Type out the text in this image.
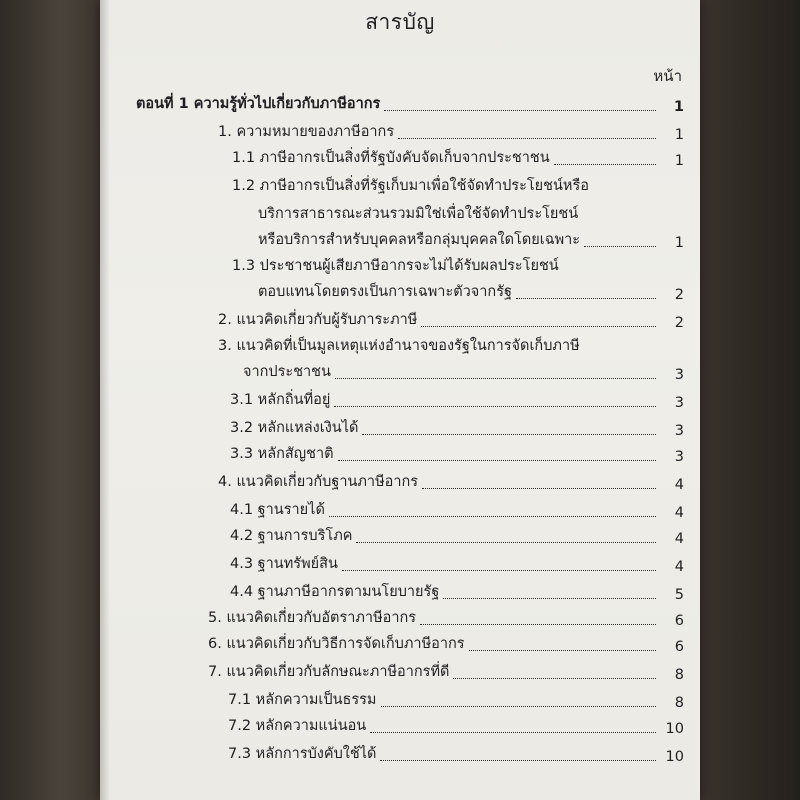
สารบัญ
หน้า
ตอนที่ 1 ความรู้ทั่วไปเกี่ยวกับภาษีอากร	1
1. ความหมายของภาษีอากร	1
1.1 ภาษีอากรเป็นสิ่งที่รัฐบังคับจัดเก็บจากประชาชน	1
1.2 ภาษีอากรเป็นสิ่งที่รัฐเก็บมาเพื่อใช้จัดทำประโยชน์หรือ
บริการสาธารณะส่วนรวมมิใช่เพื่อใช้จัดทำประโยชน์
หรือบริการสำหรับบุคคลหรือกลุ่มบุคคลใดโดยเฉพาะ	1
1.3 ประชาชนผู้เสียภาษีอากรจะไม่ได้รับผลประโยชน์
ตอบแทนโดยตรงเป็นการเฉพาะตัวจากรัฐ	2
2. แนวคิดเกี่ยวกับผู้รับภาระภาษี	2
3. แนวคิดที่เป็นมูลเหตุแห่งอำนาจของรัฐในการจัดเก็บภาษี
จากประชาชน	3
3.1 หลักถิ่นที่อยู่	3
3.2 หลักแหล่งเงินได้	3
3.3 หลักสัญชาติ	3
4. แนวคิดเกี่ยวกับฐานภาษีอากร	4
4.1 ฐานรายได้	4
4.2 ฐานการบริโภค	4
4.3 ฐานทรัพย์สิน	4
4.4 ฐานภาษีอากรตามนโยบายรัฐ	5
5. แนวคิดเกี่ยวกับอัตราภาษีอากร	6
6. แนวคิดเกี่ยวกับวิธีการจัดเก็บภาษีอากร	6
7. แนวคิดเกี่ยวกับลักษณะภาษีอากรที่ดี	8
7.1 หลักความเป็นธรรม	8
7.2 หลักความแน่นอน	10
7.3 หลักการบังคับใช้ได้	10
